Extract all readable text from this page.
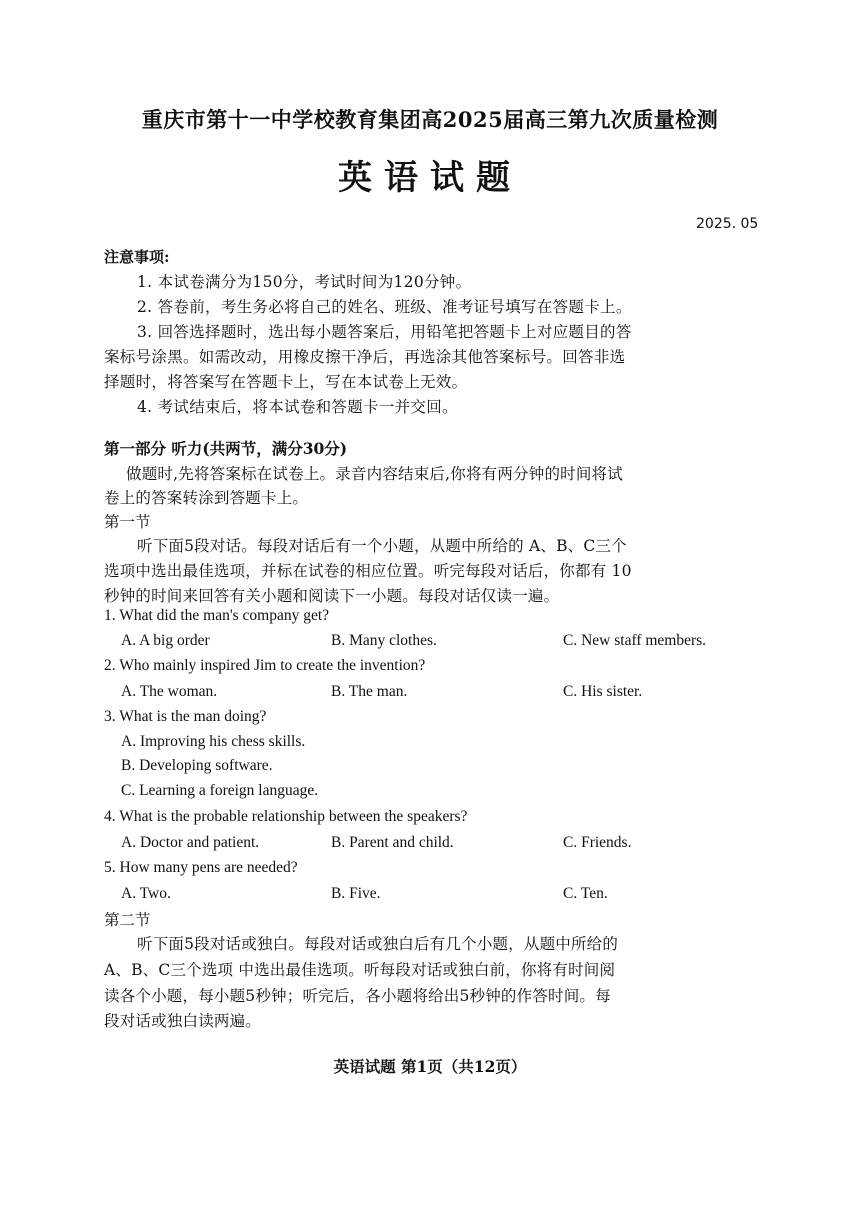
重庆市第十一中学校教育集团高2025届高三第九次质量检测
英语试题
2025. 05
注意事项:
1. 本试卷满分为150分，考试时间为120分钟。
2. 答卷前，考生务必将自己的姓名、班级、准考证号填写在答题卡上。
3. 回答选择题时，选出每小题答案后，用铅笔把答题卡上对应题目的答
案标号涂黑。如需改动，用橡皮擦干净后，再选涂其他答案标号。回答非选
择题时，将答案写在答题卡上，写在本试卷上无效。
4. 考试结束后，将本试卷和答题卡一并交回。
第一部分 听力(共两节，满分30分)
做题时,先将答案标在试卷上。录音内容结束后,你将有两分钟的时间将试
卷上的答案转涂到答题卡上。
第一节
听下面5段对话。每段对话后有一个小题，从题中所给的 A、B、C三个
选项中选出最佳选项，并标在试卷的相应位置。听完每段对话后，你都有 10
秒钟的时间来回答有关小题和阅读下一小题。每段对话仅读一遍。
1. What did the man's company get?
A. A big order	B. Many clothes.	C. New staff members.
2. Who mainly inspired Jim to create the invention?
A. The woman.	B. The man.	C. His sister.
3. What is the man doing?
A. Improving his chess skills.
B. Developing software.
C. Learning a foreign language.
4. What is the probable relationship between the speakers?
A. Doctor and patient.	B. Parent and child.	C. Friends.
5. How many pens are needed?
A. Two.	B. Five.	C. Ten.
第二节
听下面5段对话或独白。每段对话或独白后有几个小题，从题中所给的
A、B、C三个选项 中选出最佳选项。听每段对话或独白前，你将有时间阅
读各个小题，每小题5秒钟；听完后，各小题将给出5秒钟的作答时间。每
段对话或独白读两遍。
英语试题 第1页（共12页）
